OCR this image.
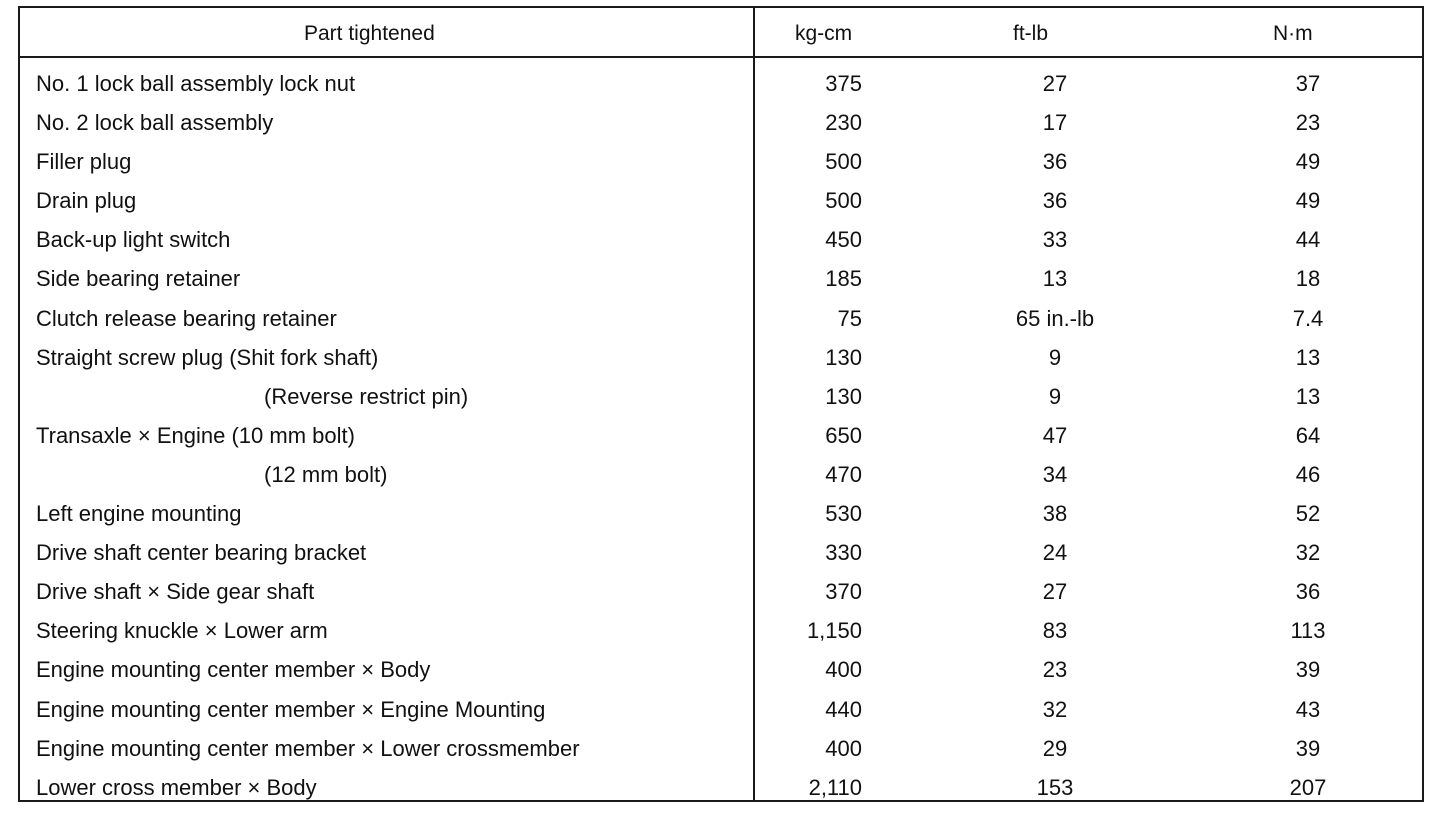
Part tightened	kg-cm	ft-lb	N·m
No. 1 lock ball assembly lock nut	375	27	37
No. 2 lock ball assembly	230	17	23
Filler plug	500	36	49
Drain plug	500	36	49
Back-up light switch	450	33	44
Side bearing retainer	185	13	18
Clutch release bearing retainer	75	65 in.-lb	7.4
Straight screw plug (Shit fork shaft)	130	9	13
(Reverse restrict pin)	130	9	13
Transaxle × Engine (10 mm bolt)	650	47	64
(12 mm bolt)	470	34	46
Left engine mounting	530	38	52
Drive shaft center bearing bracket	330	24	32
Drive shaft × Side gear shaft	370	27	36
Steering knuckle × Lower arm	1,150	83	113
Engine mounting center member × Body	400	23	39
Engine mounting center member × Engine Mounting	440	32	43
Engine mounting center member × Lower crossmember	400	29	39
Lower cross member × Body	2,110	153	207
